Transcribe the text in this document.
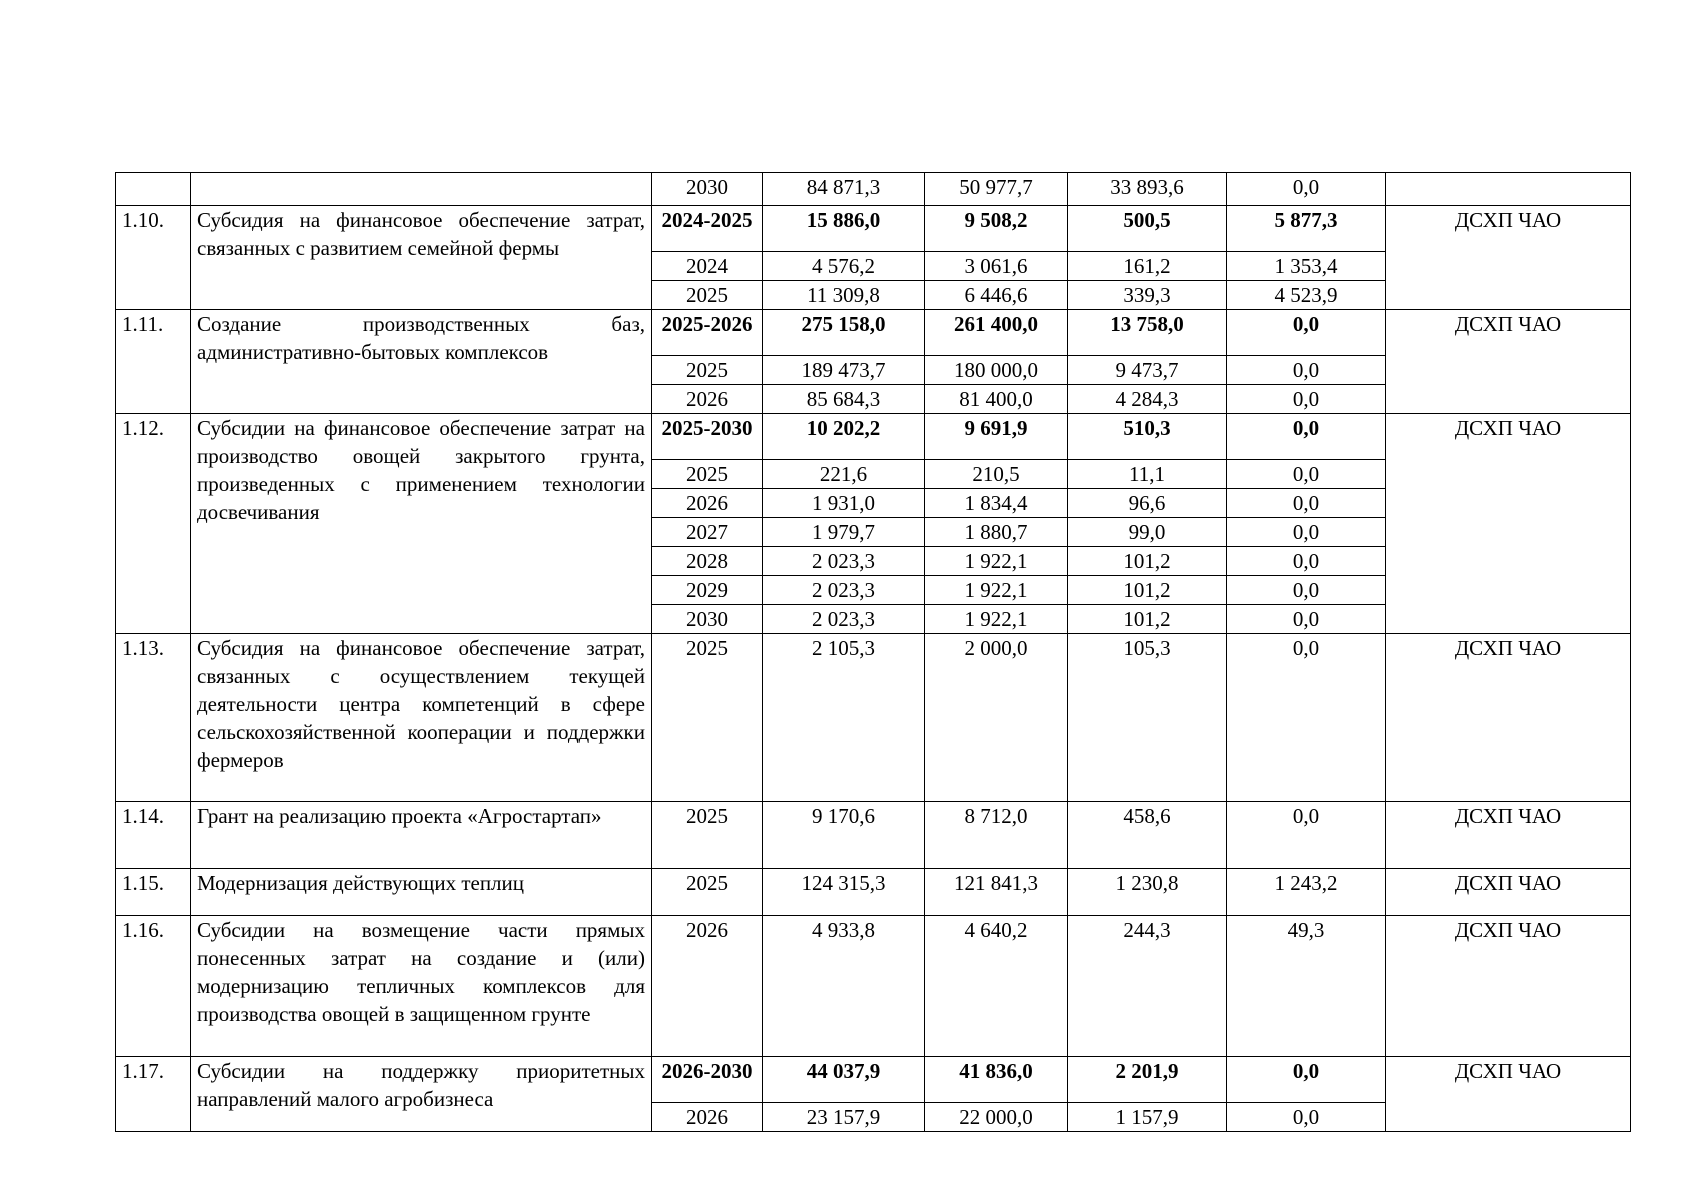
		2030	84 871,3	50 977,7	33 893,6	0,0	
1.10.	Субсидия на финансовое обеспечение затрат, связанных с развитием семейной фермы	2024-2025	15 886,0	9 508,2	500,5	5 877,3	ДСХП ЧАО
		2024	4 576,2	3 061,6	161,2	1 353,4	
		2025	11 309,8	6 446,6	339,3	4 523,9	
1.11.	Создание производственных баз, административно-бытовых комплексов	2025-2026	275 158,0	261 400,0	13 758,0	0,0	ДСХП ЧАО
		2025	189 473,7	180 000,0	9 473,7	0,0	
		2026	85 684,3	81 400,0	4 284,3	0,0	
1.12.	Субсидии на финансовое обеспечение затрат на производство овощей закрытого грунта, произведенных с применением технологии досвечивания	2025-2030	10 202,2	9 691,9	510,3	0,0	ДСХП ЧАО
		2025	221,6	210,5	11,1	0,0	
		2026	1 931,0	1 834,4	96,6	0,0	
		2027	1 979,7	1 880,7	99,0	0,0	
		2028	2 023,3	1 922,1	101,2	0,0	
		2029	2 023,3	1 922,1	101,2	0,0	
		2030	2 023,3	1 922,1	101,2	0,0	
1.13.	Субсидия на финансовое обеспечение затрат, связанных с осуществлением текущей деятельности центра компетенций в сфере сельскохозяйственной кооперации и поддержки фермеров	2025	2 105,3	2 000,0	105,3	0,0	ДСХП ЧАО
1.14.	Грант на реализацию проекта «Агростартап»	2025	9 170,6	8 712,0	458,6	0,0	ДСХП ЧАО
1.15.	Модернизация действующих теплиц	2025	124 315,3	121 841,3	1 230,8	1 243,2	ДСХП ЧАО
1.16.	Субсидии на возмещение части прямых понесенных затрат на создание и (или) модернизацию тепличных комплексов для производства овощей в защищенном грунте	2026	4 933,8	4 640,2	244,3	49,3	ДСХП ЧАО
1.17.	Субсидии на поддержку приоритетных направлений малого агробизнеса	2026-2030	44 037,9	41 836,0	2 201,9	0,0	ДСХП ЧАО
		2026	23 157,9	22 000,0	1 157,9	0,0	
